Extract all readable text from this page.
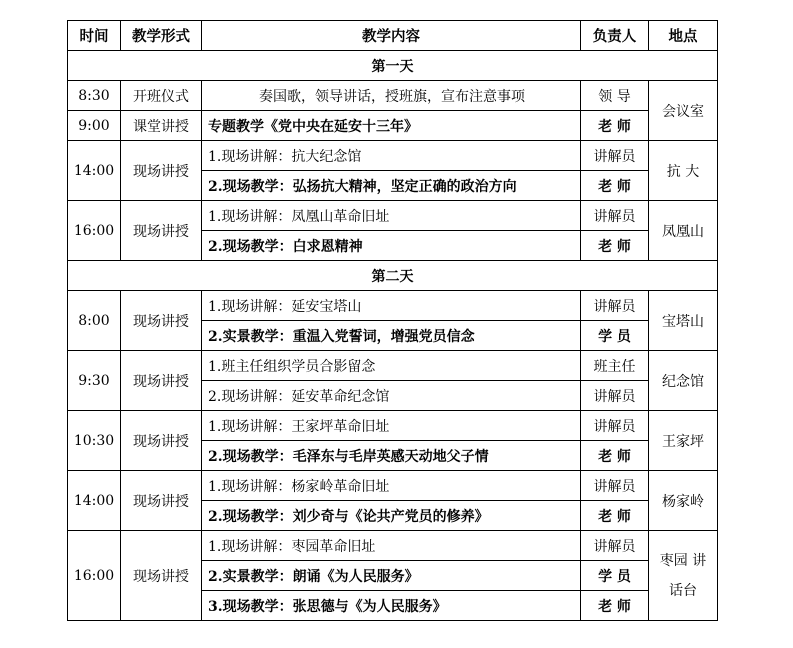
时间	教学形式	教学内容	负责人	地点
第一天				
8:30	开班仪式	奏国歌，领导讲话，授班旗，宣布注意事项	领 导	会议室
9:00	课堂讲授	专题教学《党中央在延安十三年》	老 师	
14:00	现场讲授	1.现场讲解：抗大纪念馆	讲解员	抗 大
		2.现场教学：弘扬抗大精神，坚定正确的政治方向	老 师	
16:00	现场讲授	1.现场讲解：凤凰山革命旧址	讲解员	凤凰山
		2.现场教学：白求恩精神	老 师	
第二天				
8:00	现场讲授	1.现场讲解：延安宝塔山	讲解员	宝塔山
		2.实景教学：重温入党誓词，增强党员信念	学 员	
9:30	现场讲授	1.班主任组织学员合影留念	班主任	纪念馆
		2.现场讲解：延安革命纪念馆	讲解员	
10:30	现场讲授	1.现场讲解：王家坪革命旧址	讲解员	王家坪
		2.现场教学：毛泽东与毛岸英感天动地父子情	老 师	
14:00	现场讲授	1.现场讲解：杨家岭革命旧址	讲解员	杨家岭
		2.现场教学：刘少奇与《论共产党员的修养》	老 师	
16:00	现场讲授	1.现场讲解：枣园革命旧址	讲解员	枣园 讲话台
		2.实景教学：朗诵《为人民服务》	学 员	
		3.现场教学：张思德与《为人民服务》	老 师	
